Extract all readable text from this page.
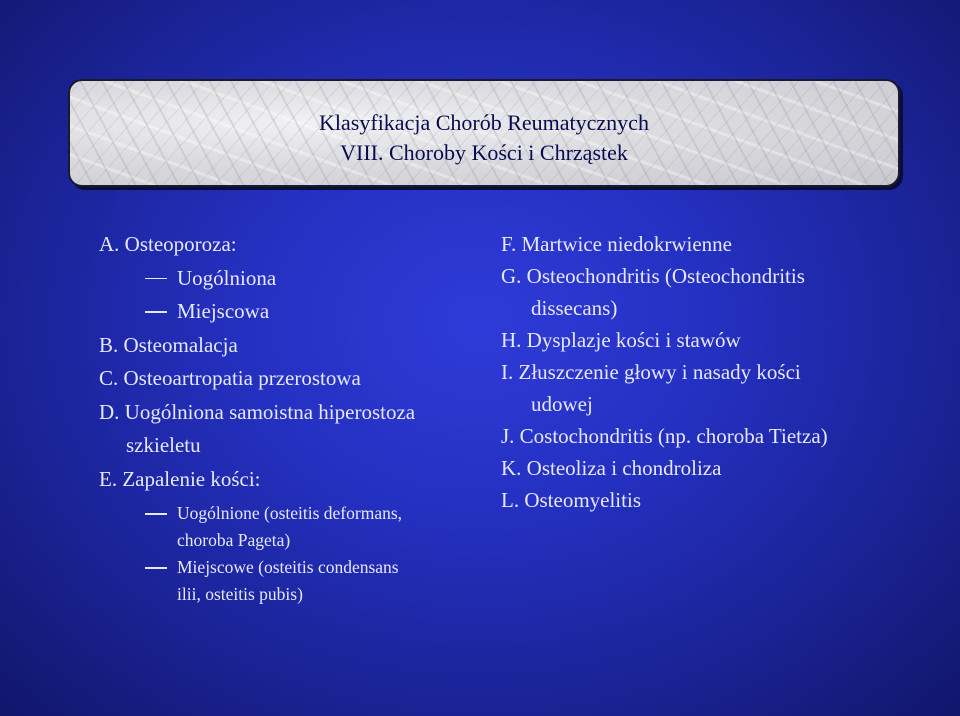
Klasyfikacja Chorób Reumatycznych
VIII. Choroby Kości i Chrząstek
A. Osteoporoza:
Uogólniona
Miejscowa
B. Osteomalacja
C. Osteoartropatia przerostowa
D. Uogólniona samoistna hiperostoza
szkieletu
E. Zapalenie kości:
Uogólnione (osteitis deformans,
choroba Pageta)
Miejscowe (osteitis condensans
ilii, osteitis pubis)
F. Martwice niedokrwienne
G. Osteochondritis (Osteochondritis
dissecans)
H. Dysplazje kości i stawów
I. Złuszczenie głowy i nasady kości
udowej
J. Costochondritis (np. choroba Tietza)
K. Osteoliza i chondroliza
L. Osteomyelitis
